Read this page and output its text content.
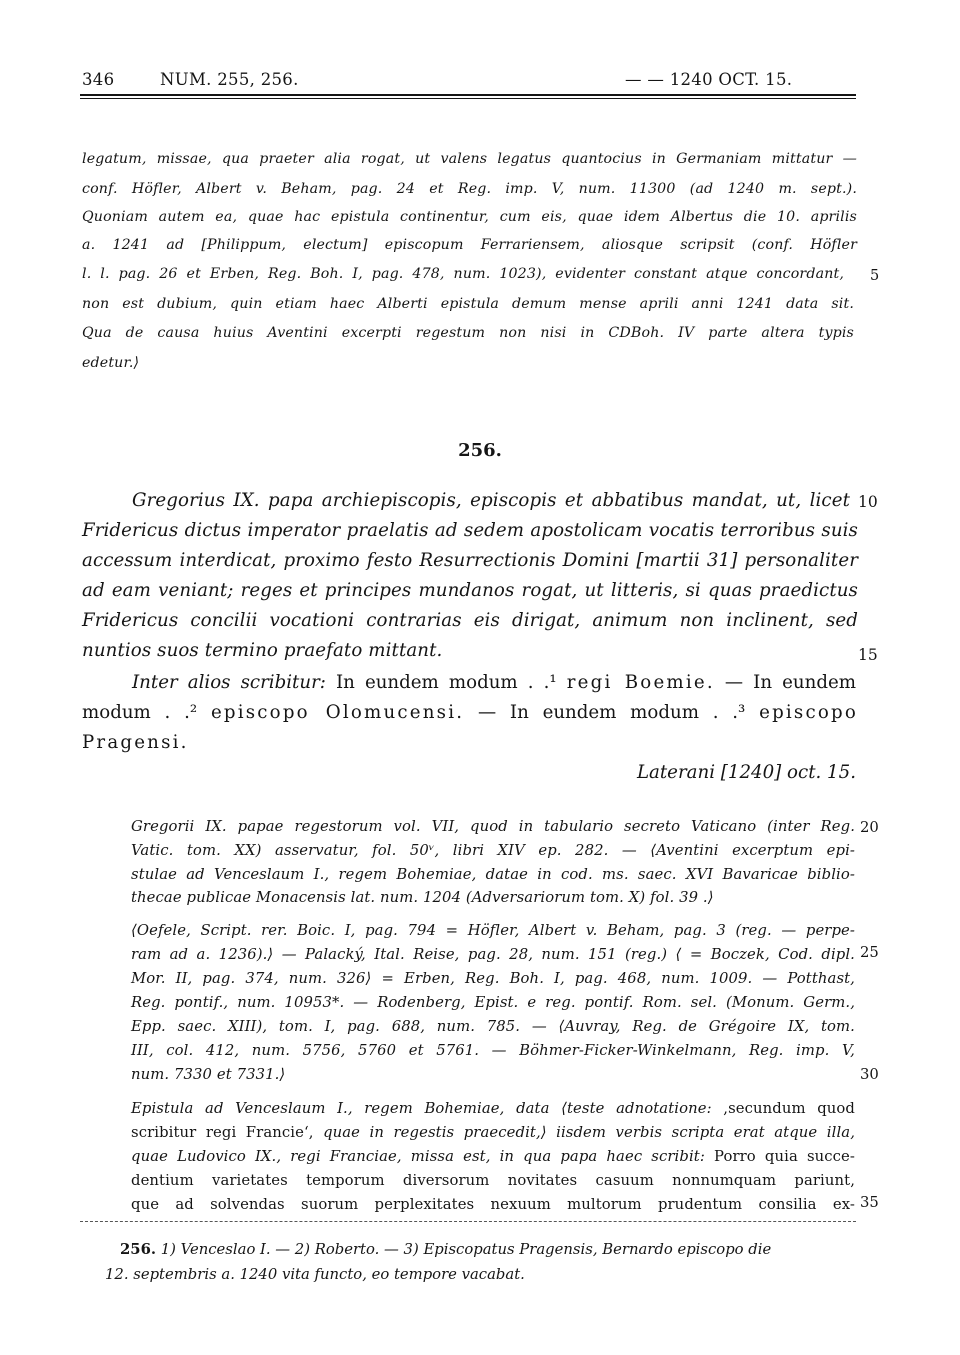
346	NUM. 255, 256.	— — 1240 OCT. 15.
legatum, missae, qua praeter alia rogat, ut valens legatus quantocius in Germaniam mittatur —
conf. Höfler, Albert v. Beham, pag. 24 et Reg. imp. V, num. 11300 (ad 1240 m. sept.).
Quoniam autem ea, quae hac epistula continentur, cum eis, quae idem Albertus die 10. aprilis
a. 1241 ad [Philippum, electum] episcopum Ferrariensem, aliosque scripsit (conf. Höfler
l. l. pag. 26 et Erben, Reg. Boh. I, pag. 478, num. 1023), evidenter constant atque concordant,
non est dubium, quin etiam haec Alberti epistula demum mense aprili anni 1241 data sit.
Qua de causa huius Aventini excerpti regestum non nisi in CDBoh. IV parte altera typis
edetur.⟩
5
256.
Gregorius IX. papa archiepiscopis, episcopis et abbatibus mandat, ut, licet
Fridericus dictus imperator praelatis ad sedem apostolicam vocatis terroribus suis
accessum interdicat, proximo festo Resurrectionis Domini [martii 31] personaliter
ad eam veniant; reges et principes mundanos rogat, ut litteris, si quas praedictus
Fridericus concilii vocationi contrarias eis dirigat, animum non inclinent, sed
nuntios suos termino praefato mittant.
10
15
Inter alios scribitur: In eundem modum . .¹ regi Boemie. — In eundem
modum . .² episcopo Olomucensi. — In eundem modum . .³ episcopo
Pragensi.
Laterani [1240] oct. 15.
Gregorii IX. papae regestorum vol. VII, quod in tabulario secreto Vaticano (inter Reg.
Vatic. tom. XX) asservatur, fol. 50ᵛ, libri XIV ep. 282. — ⟨Aventini excerptum epi-
stulae ad Venceslaum I., regem Bohemiae, datae in cod. ms. saec. XVI Bavaricae biblio-
thecae publicae Monacensis lat. num. 1204 (Adversariorum tom. X) fol. 39 .⟩
20
⟨Oefele, Script. rer. Boic. I, pag. 794 = Höfler, Albert v. Beham, pag. 3 (reg. — perpe-
ram ad a. 1236).⟩ — Palacký, Ital. Reise, pag. 28, num. 151 (reg.) ⟨ = Boczek, Cod. dipl.
Mor. II, pag. 374, num. 326⟩ = Erben, Reg. Boh. I, pag. 468, num. 1009. — Potthast,
Reg. pontif., num. 10953*. — Rodenberg, Epist. e reg. pontif. Rom. sel. (Monum. Germ.,
Epp. saec. XIII), tom. I, pag. 688, num. 785. — ⟨Auvray, Reg. de Grégoire IX, tom.
III, col. 412, num. 5756, 5760 et 5761. — Böhmer-Ficker-Winkelmann, Reg. imp. V,
num. 7330 et 7331.⟩
25
30
Epistula ad Venceslaum I., regem Bohemiae, data ⟨teste adnotatione: ,secundum quod
scribitur regi Francie‘, quae in regestis praecedit,⟩ iisdem verbis scripta erat atque illa,
quae Ludovico IX., regi Franciae, missa est, in qua papa haec scribit: Porro quia succe-
dentium varietates temporum diversorum novitates casuum nonnumquam pariunt,
que ad solvendas suorum perplexitates nexuum multorum prudentum consilia ex- 35
256. 1) Venceslao I. — 2) Roberto. — 3) Episcopatus Pragensis, Bernardo episcopo die
12. septembris a. 1240 vita functo, eo tempore vacabat.
